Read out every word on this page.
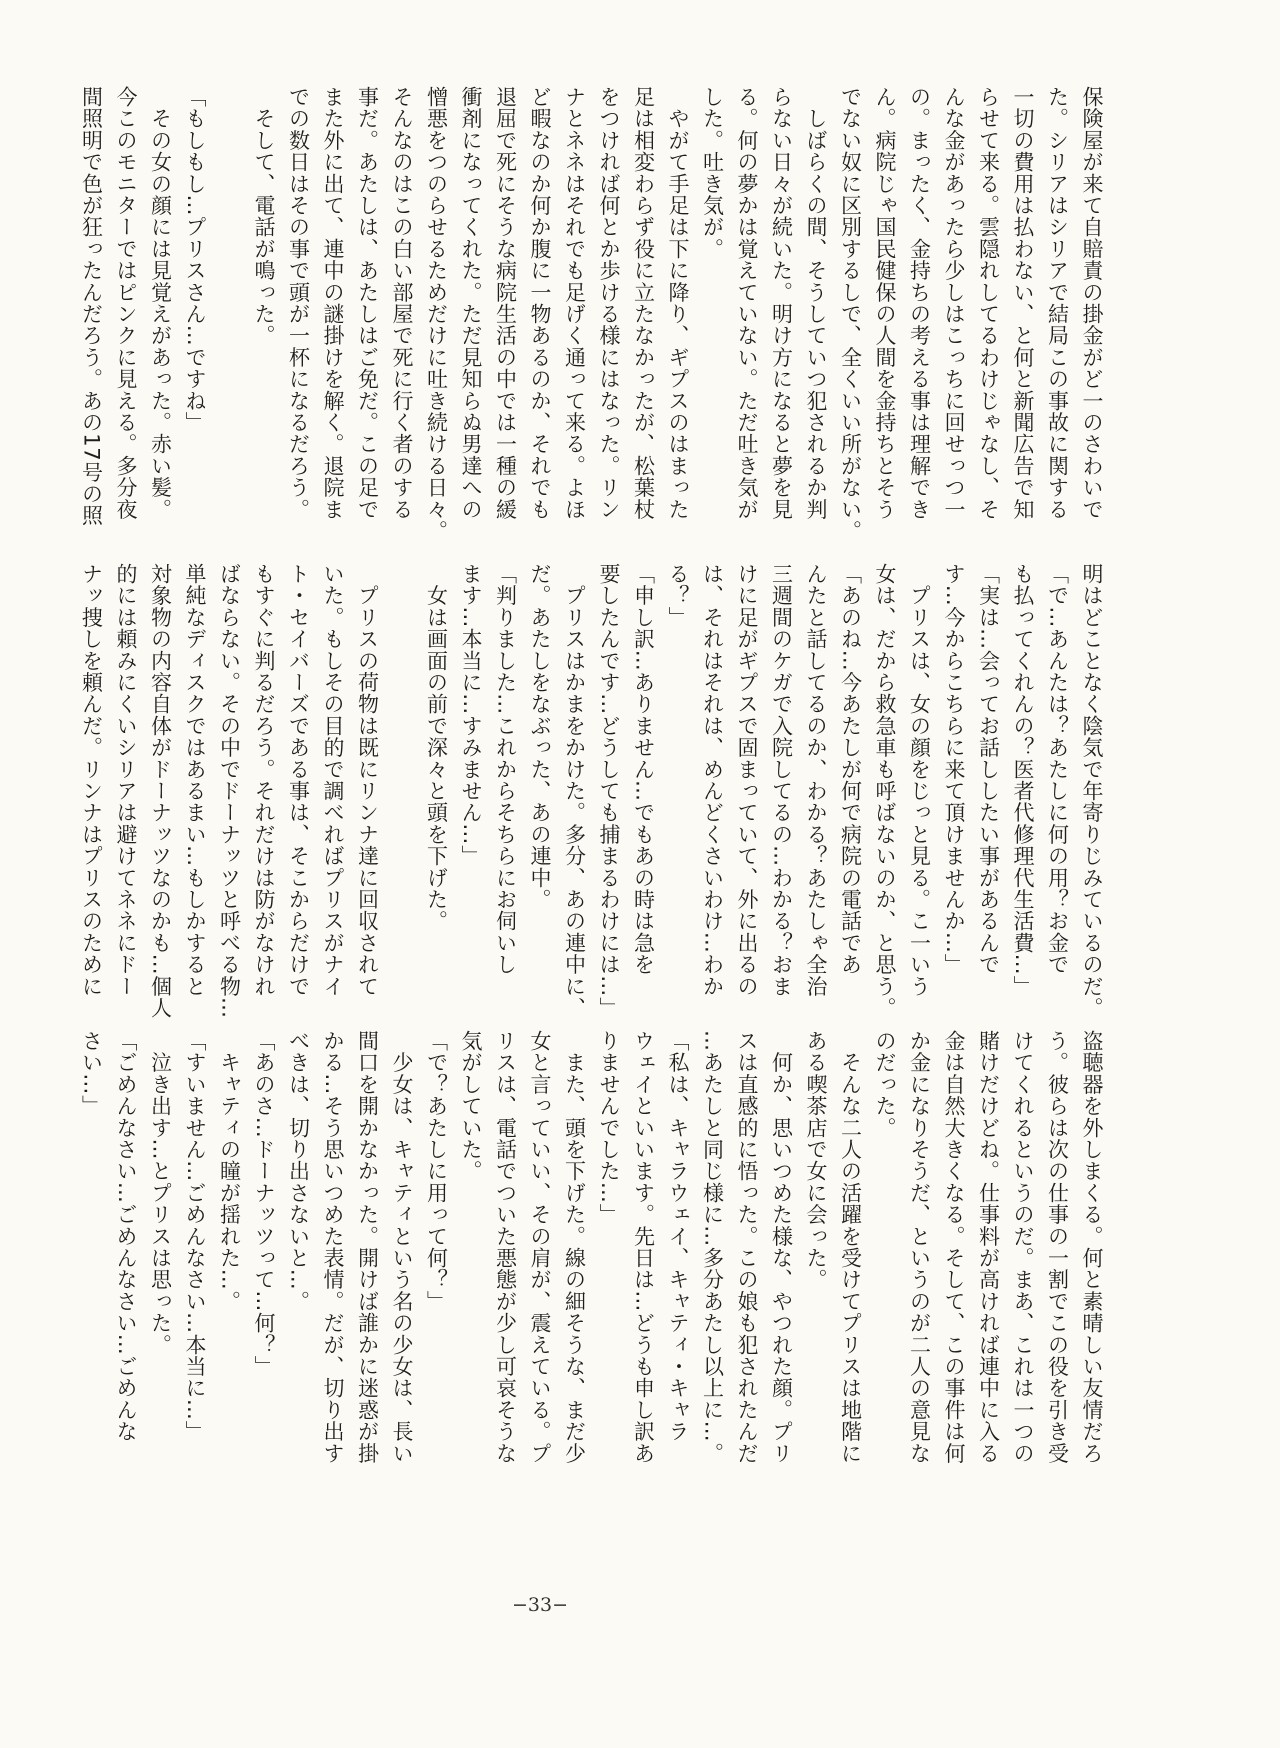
保険屋が来て自賠責の掛金がど一のさわいで

た。シリアはシリアで結局この事故に関する

一切の費用は払わない、と何と新聞広告で知

らせて来る。雲隠れしてるわけじゃなし、そ

んな金があったら少しはこっちに回せっつ一

の。まったく、金持ちの考える事は理解でき

ん。病院じゃ国民健保の人間を金持ちとそう

でない奴に区別するしで、全くいい所がない。

　しばらくの間、そうしていつ犯されるか判

らない日々が続いた。明け方になると夢を見

る。何の夢かは覚えていない。ただ吐き気が

した。吐き気が。

　やがて手足は下に降り、ギプスのはまった

足は相変わらず役に立たなかったが、松葉杖

をつければ何とか歩ける様にはなった。リン

ナとネネはそれでも足げく通って来る。よほ

ど暇なのか何か腹に一物あるのか、それでも

退屈で死にそうな病院生活の中では一種の緩

衝剤になってくれた。ただ見知らぬ男達への

憎悪をつのらせるためだけに吐き続ける日々。

そんなのはこの白い部屋で死に行く者のする

事だ。あたしは、あたしはご免だ。この足で

また外に出て、連中の謎掛けを解く。退院ま

での数日はその事で頭が一杯になるだろう。

　そして、電話が鳴った。

「もしもし…プリスさん…ですね」

　その女の顔には見覚えがあった。赤い髪。

今このモニターではピンクに見える。多分夜

間照明で色が狂ったんだろう。あの17号の照

明はどことなく陰気で年寄りじみているのだ。

「で…あんたは？あたしに何の用？お金で

も払ってくれんの？医者代修理代生活費…」

「実は…会ってお話ししたい事があるんで

す…今からこちらに来て頂けませんか…」

　プリスは、女の顔をじっと見る。こ一いう

女は、だから救急車も呼ばないのか、と思う。

「あのね…今あたしが何で病院の電話であ

んたと話してるのか、わかる？あたしゃ全治

三週間のケガで入院してるの…わかる？おま

けに足がギプスで固まっていて、外に出るの

は、それはそれは、めんどくさいわけ…わか

る？」

「申し訳…ありません…でもあの時は急を

要したんです…どうしても捕まるわけには…」

　プリスはかまをかけた。多分、あの連中に、

だ。あたしをなぶった、あの連中。

「判りました…これからそちらにお伺いし

ます…本当に…すみません…」

　女は画面の前で深々と頭を下げた。

　プリスの荷物は既にリンナ達に回収されて

いた。もしその目的で調べればプリスがナイ

ト・セイバーズである事は、そこからだけで

もすぐに判るだろう。それだけは防がなけれ

ばならない。その中でドーナッツと呼べる物…

単純なディスクではあるまい…もしかすると

対象物の内容自体がドーナッツなのかも…個人

的には頼みにくいシリアは避けてネネにドー

ナッ捜しを頼んだ。リンナはプリスのために

盗聴器を外しまくる。何と素晴しい友情だろ

う。彼らは次の仕事の一割でこの役を引き受

けてくれるというのだ。まあ、これは一つの

賭けだけどね。仕事料が高ければ連中に入る

金は自然大きくなる。そして、この事件は何

か金になりそうだ、というのが二人の意見な

のだった。

　そんな二人の活躍を受けてプリスは地階に

ある喫茶店で女に会った。

　何か、思いつめた様な、やつれた顔。プリ

スは直感的に悟った。この娘も犯されたんだ

…あたしと同じ様に…多分あたし以上に…。

「私は、キャラウェイ、キャティ・キャラ

ウェイといいます。先日は…どうも申し訳あ

りませんでした…」

　また、頭を下げた。線の細そうな、まだ少

女と言っていい、その肩が、震えている。プ

リスは、電話でついた悪態が少し可哀そうな

気がしていた。

「で？あたしに用って何？」

　少女は、キャティという名の少女は、長い

間口を開かなかった。開けば誰かに迷惑が掛

かる…そう思いつめた表情。だが、切り出す

べきは、切り出さないと…。

「あのさ…ドーナッツって…何？」

　キャティの瞳が揺れた…。

「すいません…ごめんなさい…本当に…」

　泣き出す…とプリスは思った。

「ごめんなさい…ごめんなさい…ごめんな

さい…」

−33−
